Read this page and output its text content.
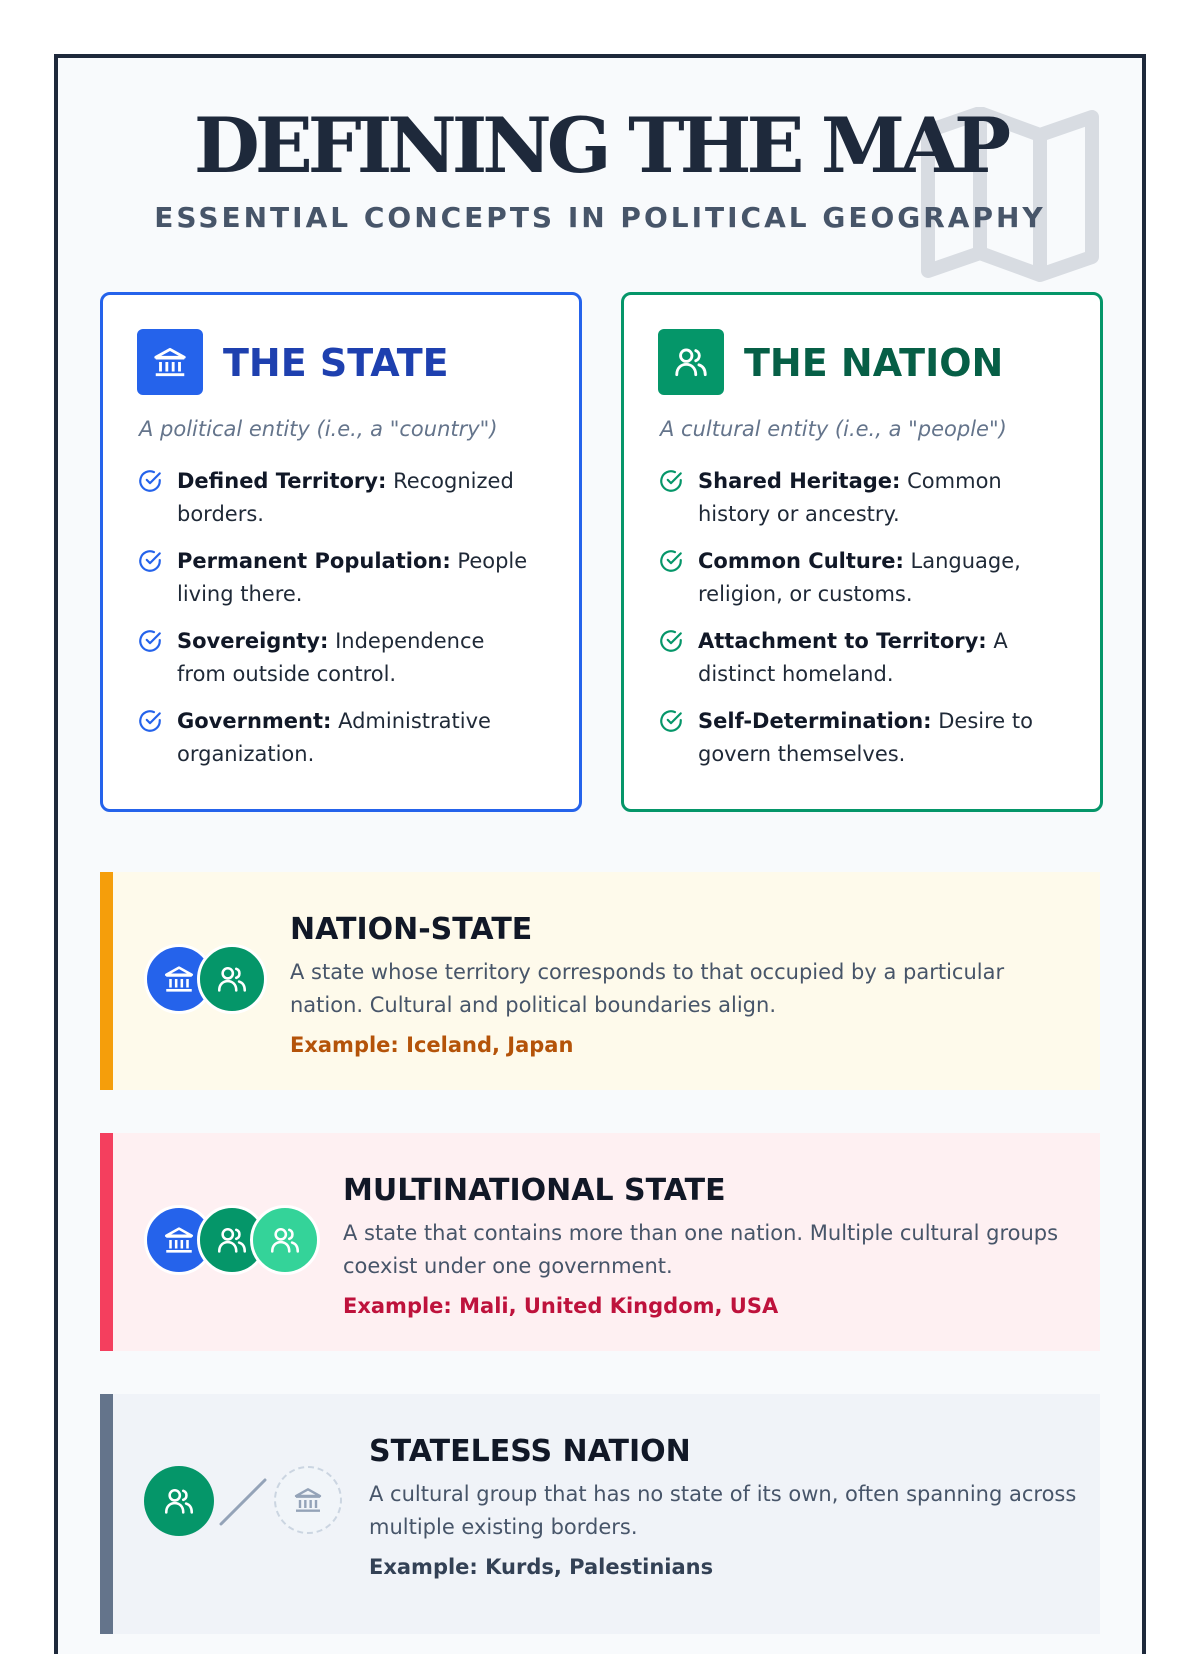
DEFINING THE MAP
ESSENTIAL CONCEPTS IN POLITICAL GEOGRAPHY
THE STATE

A political entity (i.e., a "country")

Defined Territory: Recognized borders.
Permanent Population: People living there.
Sovereignty: Independence from outside control.
Government: Administrative organization.
THE NATION

A cultural entity (i.e., a "people")

Shared Heritage: Common history or ancestry.
Common Culture: Language, religion, or customs.
Attachment to Territory: A distinct homeland.
Self-Determination: Desire to govern themselves.
NATION-STATE

A state whose territory corresponds to that occupied by a particular nation. Cultural and political boundaries align.

Example: Iceland, Japan

MULTINATIONAL STATE

A state that contains more than one nation. Multiple cultural groups coexist under one government.

Example: Mali, United Kingdom, USA

STATELESS NATION

A cultural group that has no state of its own, often spanning across multiple existing borders.

Example: Kurds, Palestinians
